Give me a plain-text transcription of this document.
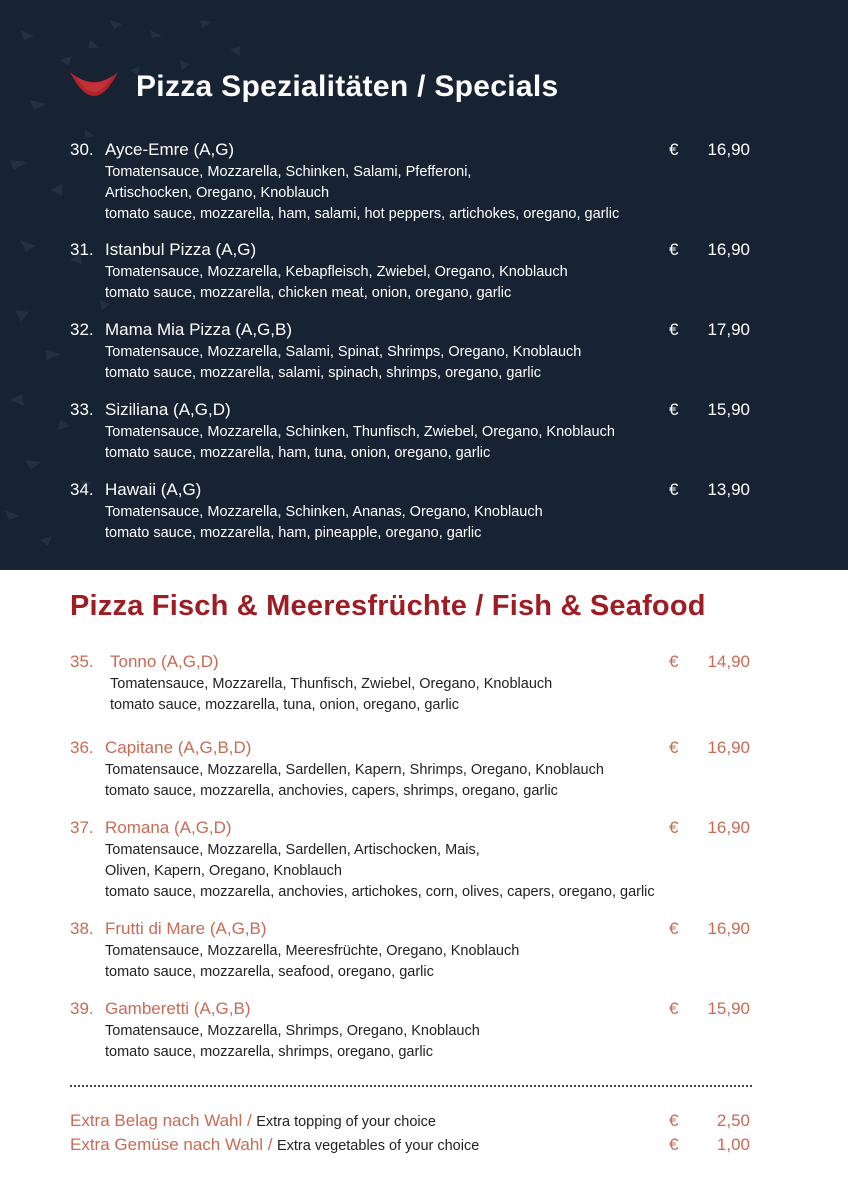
Pizza Spezialitäten / Specials
30. Ayce-Emre (A,G)	€ 16,90
Tomatensauce, Mozzarella, Schinken, Salami, Pfefferoni,
Artischocken, Oregano, Knoblauch
tomato sauce, mozzarella, ham, salami, hot peppers, artichokes, oregano, garlic
31. Istanbul Pizza (A,G)	€ 16,90
Tomatensauce, Mozzarella, Kebapfleisch, Zwiebel, Oregano, Knoblauch
tomato sauce, mozzarella, chicken meat, onion, oregano, garlic
32. Mama Mia Pizza (A,G,B)	€ 17,90
Tomatensauce, Mozzarella, Salami, Spinat, Shrimps, Oregano, Knoblauch
tomato sauce, mozzarella, salami, spinach, shrimps, oregano, garlic
33. Siziliana (A,G,D)	€ 15,90
Tomatensauce, Mozzarella, Schinken, Thunfisch, Zwiebel, Oregano, Knoblauch
tomato sauce, mozzarella, ham, tuna, onion, oregano, garlic
34. Hawaii (A,G)	€ 13,90
Tomatensauce, Mozzarella, Schinken, Ananas, Oregano, Knoblauch
tomato sauce, mozzarella, ham, pineapple, oregano, garlic
Pizza Fisch & Meeresfrüchte / Fish & Seafood
35. Tonno (A,G,D)	€ 14,90
Tomatensauce, Mozzarella, Thunfisch, Zwiebel, Oregano, Knoblauch
tomato sauce, mozzarella, tuna, onion, oregano, garlic
36. Capitane (A,G,B,D)	€ 16,90
Tomatensauce, Mozzarella, Sardellen, Kapern, Shrimps, Oregano, Knoblauch
tomato sauce, mozzarella, anchovies, capers, shrimps, oregano, garlic
37. Romana (A,G,D)	€ 16,90
Tomatensauce, Mozzarella, Sardellen, Artischocken, Mais,
Oliven, Kapern, Oregano, Knoblauch
tomato sauce, mozzarella, anchovies, artichokes, corn, olives, capers, oregano, garlic
38. Frutti di Mare (A,G,B)	€ 16,90
Tomatensauce, Mozzarella, Meeresfrüchte, Oregano, Knoblauch
tomato sauce, mozzarella, seafood, oregano, garlic
39. Gamberetti (A,G,B)	€ 15,90
Tomatensauce, Mozzarella, Shrimps, Oregano, Knoblauch
tomato sauce, mozzarella, shrimps, oregano, garlic
Extra Belag nach Wahl / Extra topping of your choice	€ 2,50
Extra Gemüse nach Wahl / Extra vegetables of your choice	€ 1,00
